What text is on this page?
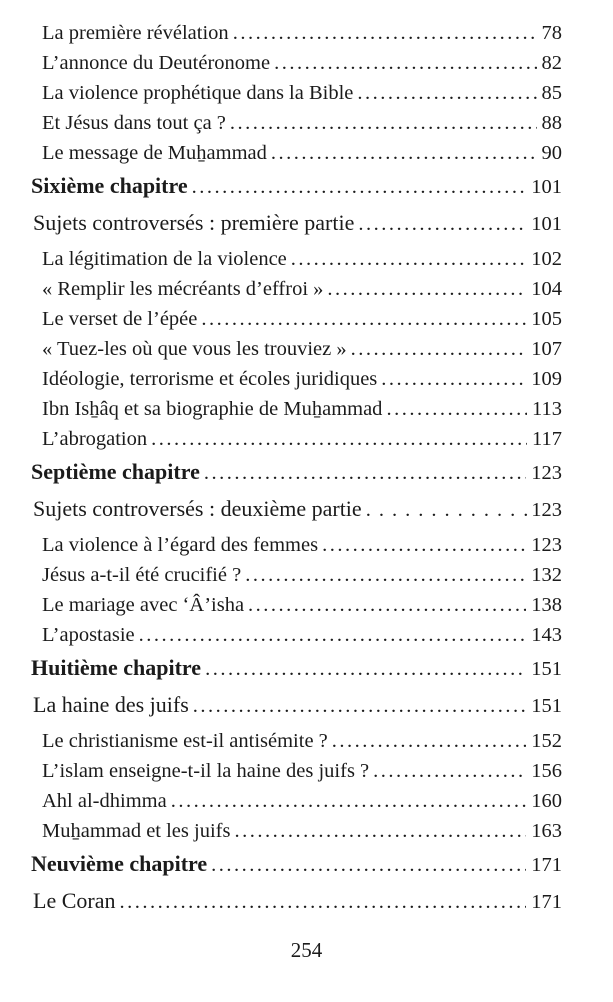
La première révélation .....	78
L’annonce du Deutéronome .....	82
La violence prophétique dans la Bible .....	85
Et Jésus dans tout ça ? .....	88
Le message de Muẖammad .....	90
Sixième chapitre .....	101
Sujets controversés : première partie .....	101
La légitimation de la violence .....	102
« Remplir les mécréants d’effroi » .....	104
Le verset de l’épée .....	105
« Tuez-les où que vous les trouviez » .....	107
Idéologie, terrorisme et écoles juridiques .....	109
Ibn Isẖâq et sa biographie de Muẖammad .....	113
L’abrogation .....	117
Septième chapitre .....	123
Sujets controversés : deuxième partie .....	123
La violence à l’égard des femmes .....	123
Jésus a-t-il été crucifié ? .....	132
Le mariage avec ‘Â’isha .....	138
L’apostasie .....	143
Huitième chapitre .....	151
La haine des juifs .....	151
Le christianisme est-il antisémite ? .....	152
L’islam enseigne-t-il la haine des juifs ? .....	156
Ahl al-dhimma .....	160
Muẖammad et les juifs .....	163
Neuvième chapitre .....	171
Le Coran .....	171
254
